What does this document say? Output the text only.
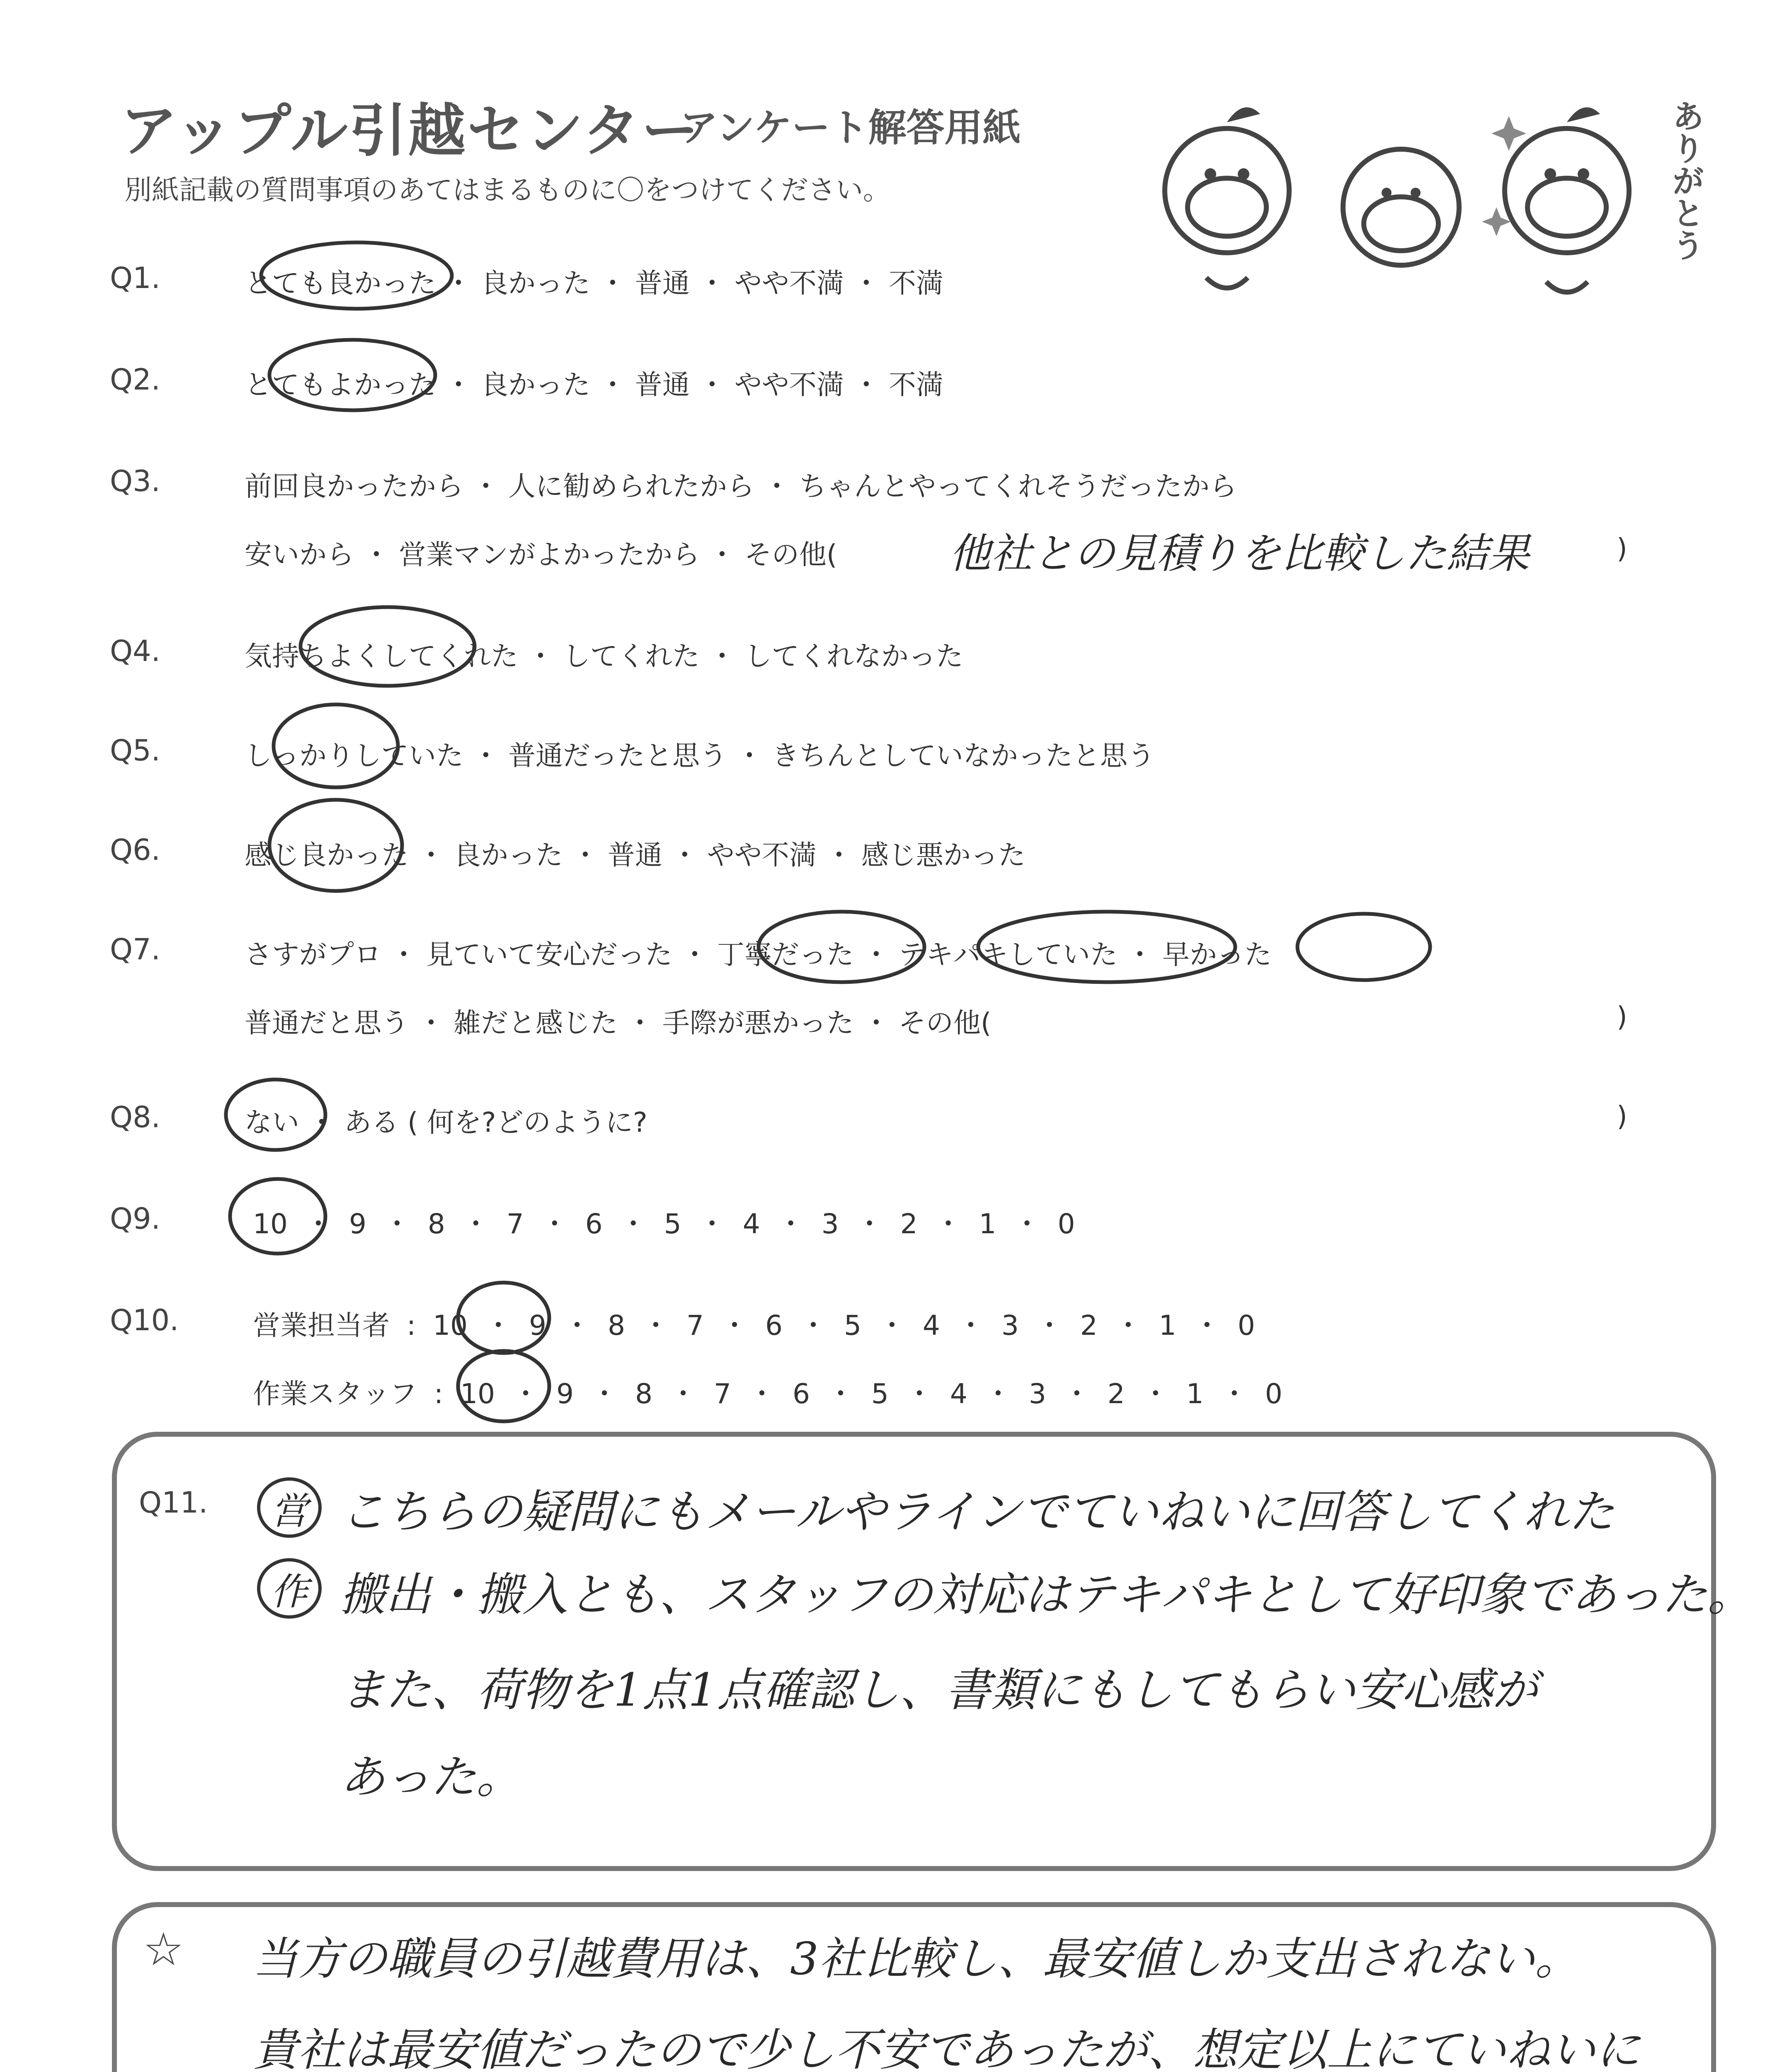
アップル引越センター
アンケート解答用紙
別紙記載の質問事項のあてはまるものに〇をつけてください。	ありがとう
Q1.	とても良かった ・ 良かった ・ 普通 ・ やや不満 ・ 不満
Q2.	とてもよかった ・ 良かった ・ 普通 ・ やや不満 ・ 不満
Q3.	前回良かったから ・ 人に勧められたから ・ ちゃんとやってくれそうだったから
安いから ・ 営業マンがよかったから ・ その他(	他社との見積りを比較した結果	)
Q4.	気持ちよくしてくれた ・ してくれた ・ してくれなかった
Q5.	しっかりしていた ・ 普通だったと思う ・ きちんとしていなかったと思う
Q6.	感じ良かった ・ 良かった ・ 普通 ・ やや不満 ・ 感じ悪かった
Q7.	さすがプロ ・ 見ていて安心だった ・ 丁寧だった ・ テキパキしていた ・ 早かった
普通だと思う ・ 雑だと感じた ・ 手際が悪かった ・ その他(	)
Q8.	ない ・ ある ( 何を?どのように?	)
Q9.	10 ・ 9 ・ 8 ・ 7 ・ 6 ・ 5 ・ 4 ・ 3 ・ 2 ・ 1 ・ 0
Q10.	営業担当者 : 10 ・ 9 ・ 8 ・ 7 ・ 6 ・ 5 ・ 4 ・ 3 ・ 2 ・ 1 ・ 0
作業スタッフ : 10 ・ 9 ・ 8 ・ 7 ・ 6 ・ 5 ・ 4 ・ 3 ・ 2 ・ 1 ・ 0
Q11.	営
作
こちらの疑問にもメールやラインでていねいに回答してくれた
搬出・搬入とも、スタッフの対応はテキパキとして好印象であった。
また、荷物を1点1点確認し、書類にもしてもらい安心感が
あった。
☆ 当方の職員の引越費用は、3社比較し、最安値しか支出されない。
貴社は最安値だったので少し不安であったが、想定以上にていねいに
